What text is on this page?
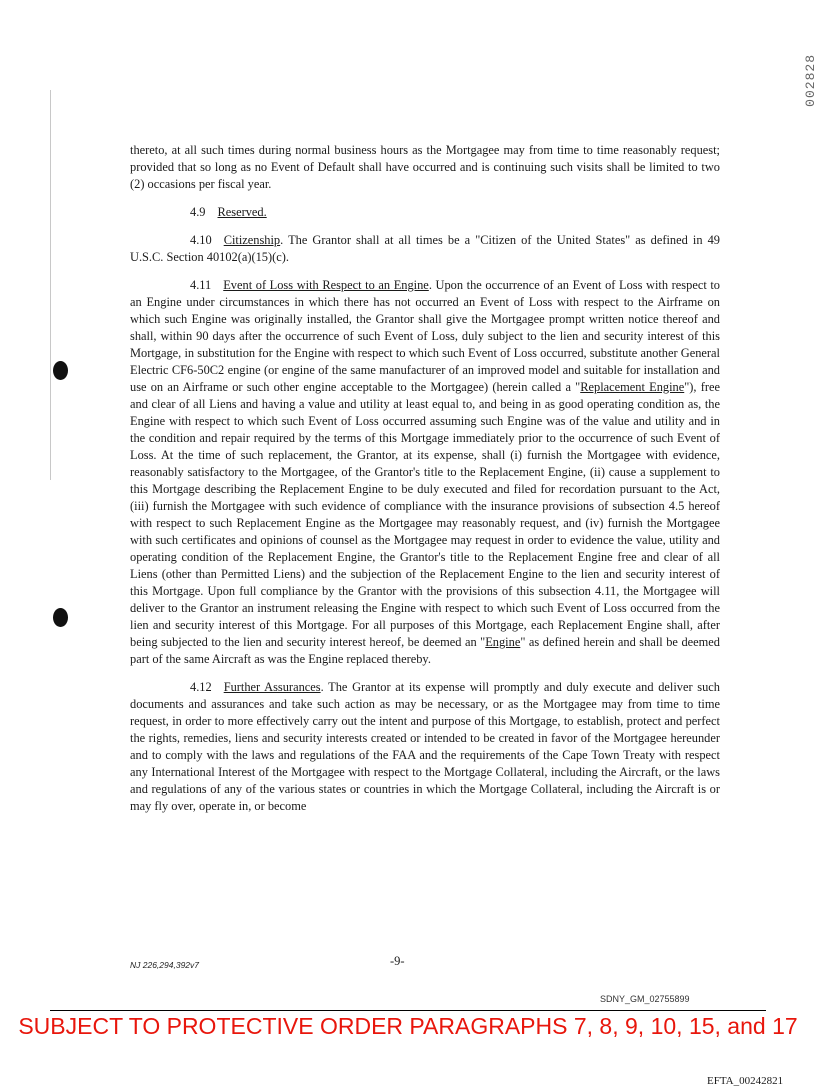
002828

thereto, at all such times during normal business hours as the Mortgagee may from time to time reasonably request; provided that so long as no Event of Default shall have occurred and is continuing such visits shall be limited to two (2) occasions per fiscal year.

4.9 Reserved.

4.10 Citizenship. The Grantor shall at all times be a "Citizen of the United States" as defined in 49 U.S.C. Section 40102(a)(15)(c).

4.11 Event of Loss with Respect to an Engine. Upon the occurrence of an Event of Loss with respect to an Engine under circumstances in which there has not occurred an Event of Loss with respect to the Airframe on which such Engine was originally installed, the Grantor shall give the Mortgagee prompt written notice thereof and shall, within 90 days after the occurrence of such Event of Loss, duly subject to the lien and security interest of this Mortgage, in substitution for the Engine with respect to which such Event of Loss occurred, substitute another General Electric CF6-50C2 engine (or engine of the same manufacturer of an improved model and suitable for installation and use on an Airframe or such other engine acceptable to the Mortgagee) (herein called a "Replacement Engine"), free and clear of all Liens and having a value and utility at least equal to, and being in as good operating condition as, the Engine with respect to which such Event of Loss occurred assuming such Engine was of the value and utility and in the condition and repair required by the terms of this Mortgage immediately prior to the occurrence of such Event of Loss. At the time of such replacement, the Grantor, at its expense, shall (i) furnish the Mortgagee with evidence, reasonably satisfactory to the Mortgagee, of the Grantor's title to the Replacement Engine, (ii) cause a supplement to this Mortgage describing the Replacement Engine to be duly executed and filed for recordation pursuant to the Act, (iii) furnish the Mortgagee with such evidence of compliance with the insurance provisions of subsection 4.5 hereof with respect to such Replacement Engine as the Mortgagee may reasonably request, and (iv) furnish the Mortgagee with such certificates and opinions of counsel as the Mortgagee may request in order to evidence the value, utility and operating condition of the Replacement Engine, the Grantor's title to the Replacement Engine free and clear of all Liens (other than Permitted Liens) and the subjection of the Replacement Engine to the lien and security interest of this Mortgage. Upon full compliance by the Grantor with the provisions of this subsection 4.11, the Mortgagee will deliver to the Grantor an instrument releasing the Engine with respect to which such Event of Loss occurred from the lien and security interest of this Mortgage. For all purposes of this Mortgage, each Replacement Engine shall, after being subjected to the lien and security interest hereof, be deemed an "Engine" as defined herein and shall be deemed part of the same Aircraft as was the Engine replaced thereby.

4.12 Further Assurances. The Grantor at its expense will promptly and duly execute and deliver such documents and assurances and take such action as may be necessary, or as the Mortgagee may from time to time request, in order to more effectively carry out the intent and purpose of this Mortgage, to establish, protect and perfect the rights, remedies, liens and security interests created or intended to be created in favor of the Mortgagee hereunder and to comply with the laws and regulations of the FAA and the requirements of the Cape Town Treaty with respect any International Interest of the Mortgagee with respect to the Mortgage Collateral, including the Aircraft, or the laws and regulations of any of the various states or countries in which the Mortgage Collateral, including the Aircraft is or may fly over, operate in, or become

NJ 226,294,392v7	-9-
SDNY_GM_02755899
SUBJECT TO PROTECTIVE ORDER PARAGRAPHS 7, 8, 9, 10, 15, and 17
EFTA_00242821
